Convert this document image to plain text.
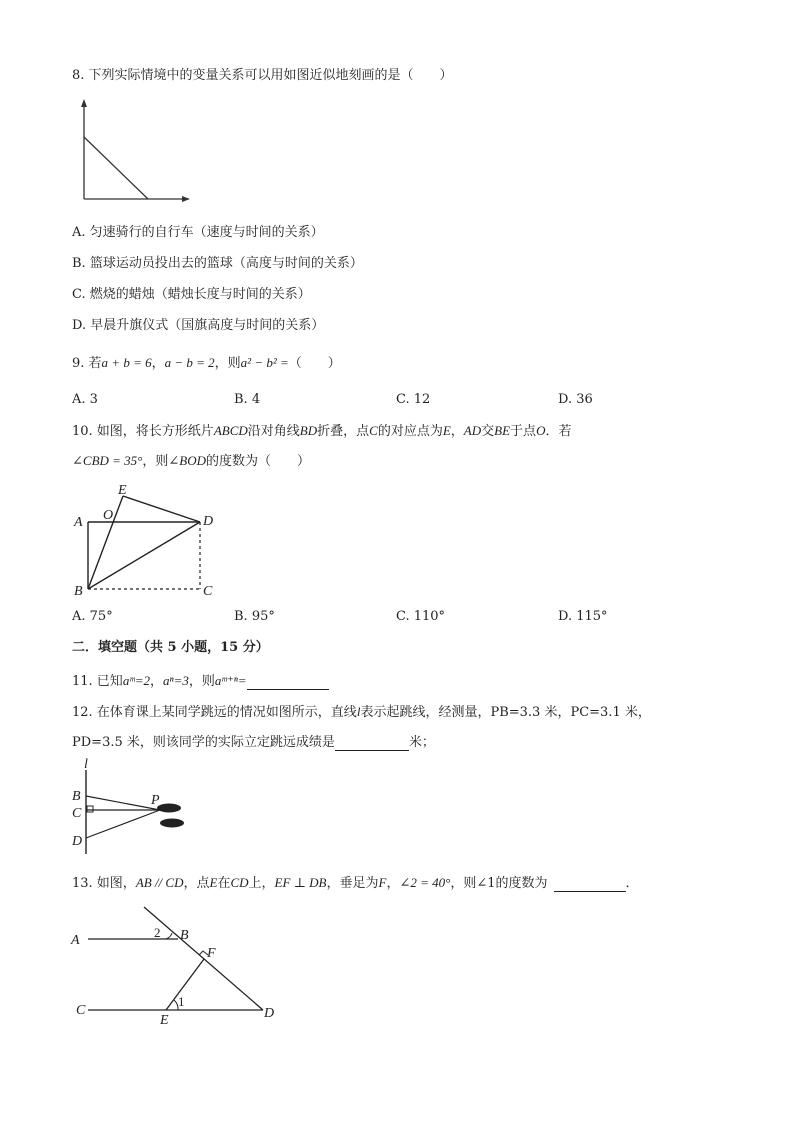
8. 下列实际情境中的变量关系可以用如图近似地刻画的是（　　）
A. 匀速骑行的自行车（速度与时间的关系）
B. 篮球运动员投出去的篮球（高度与时间的关系）
C. 燃烧的蜡烛（蜡烛长度与时间的关系）
D. 早晨升旗仪式（国旗高度与时间的关系）
9. 若a + b = 6，a − b = 2，则a² − b² =（　　）
A. 3	B. 4	C. 12	D. 36
10. 如图，将长方形纸片ABCD沿对角线BD折叠，点C的对应点为E，AD交BE于点O．若
∠CBD = 35°，则∠BOD的度数为（　　）
E
O
A	D
B	C
A. 75°	B. 95°	C. 110°	D. 115°
二．填空题（共 5 小题，15 分）
11. 已知aᵐ=2，aⁿ=3，则aᵐ⁺ⁿ=
12. 在体育课上某同学跳远的情况如图所示，直线l表示起跳线，经测量，PB=3.3 米，PC=3.1 米，
PD=3.5 米，则该同学的实际立定跳远成绩是	米；
l
B
C
D
P
13. 如图，AB // CD，点E在CD上，EF ⊥ DB，垂足为F，∠2 = 40°，则∠1的度数为	．
A
2 B
F
C
1
E	D
